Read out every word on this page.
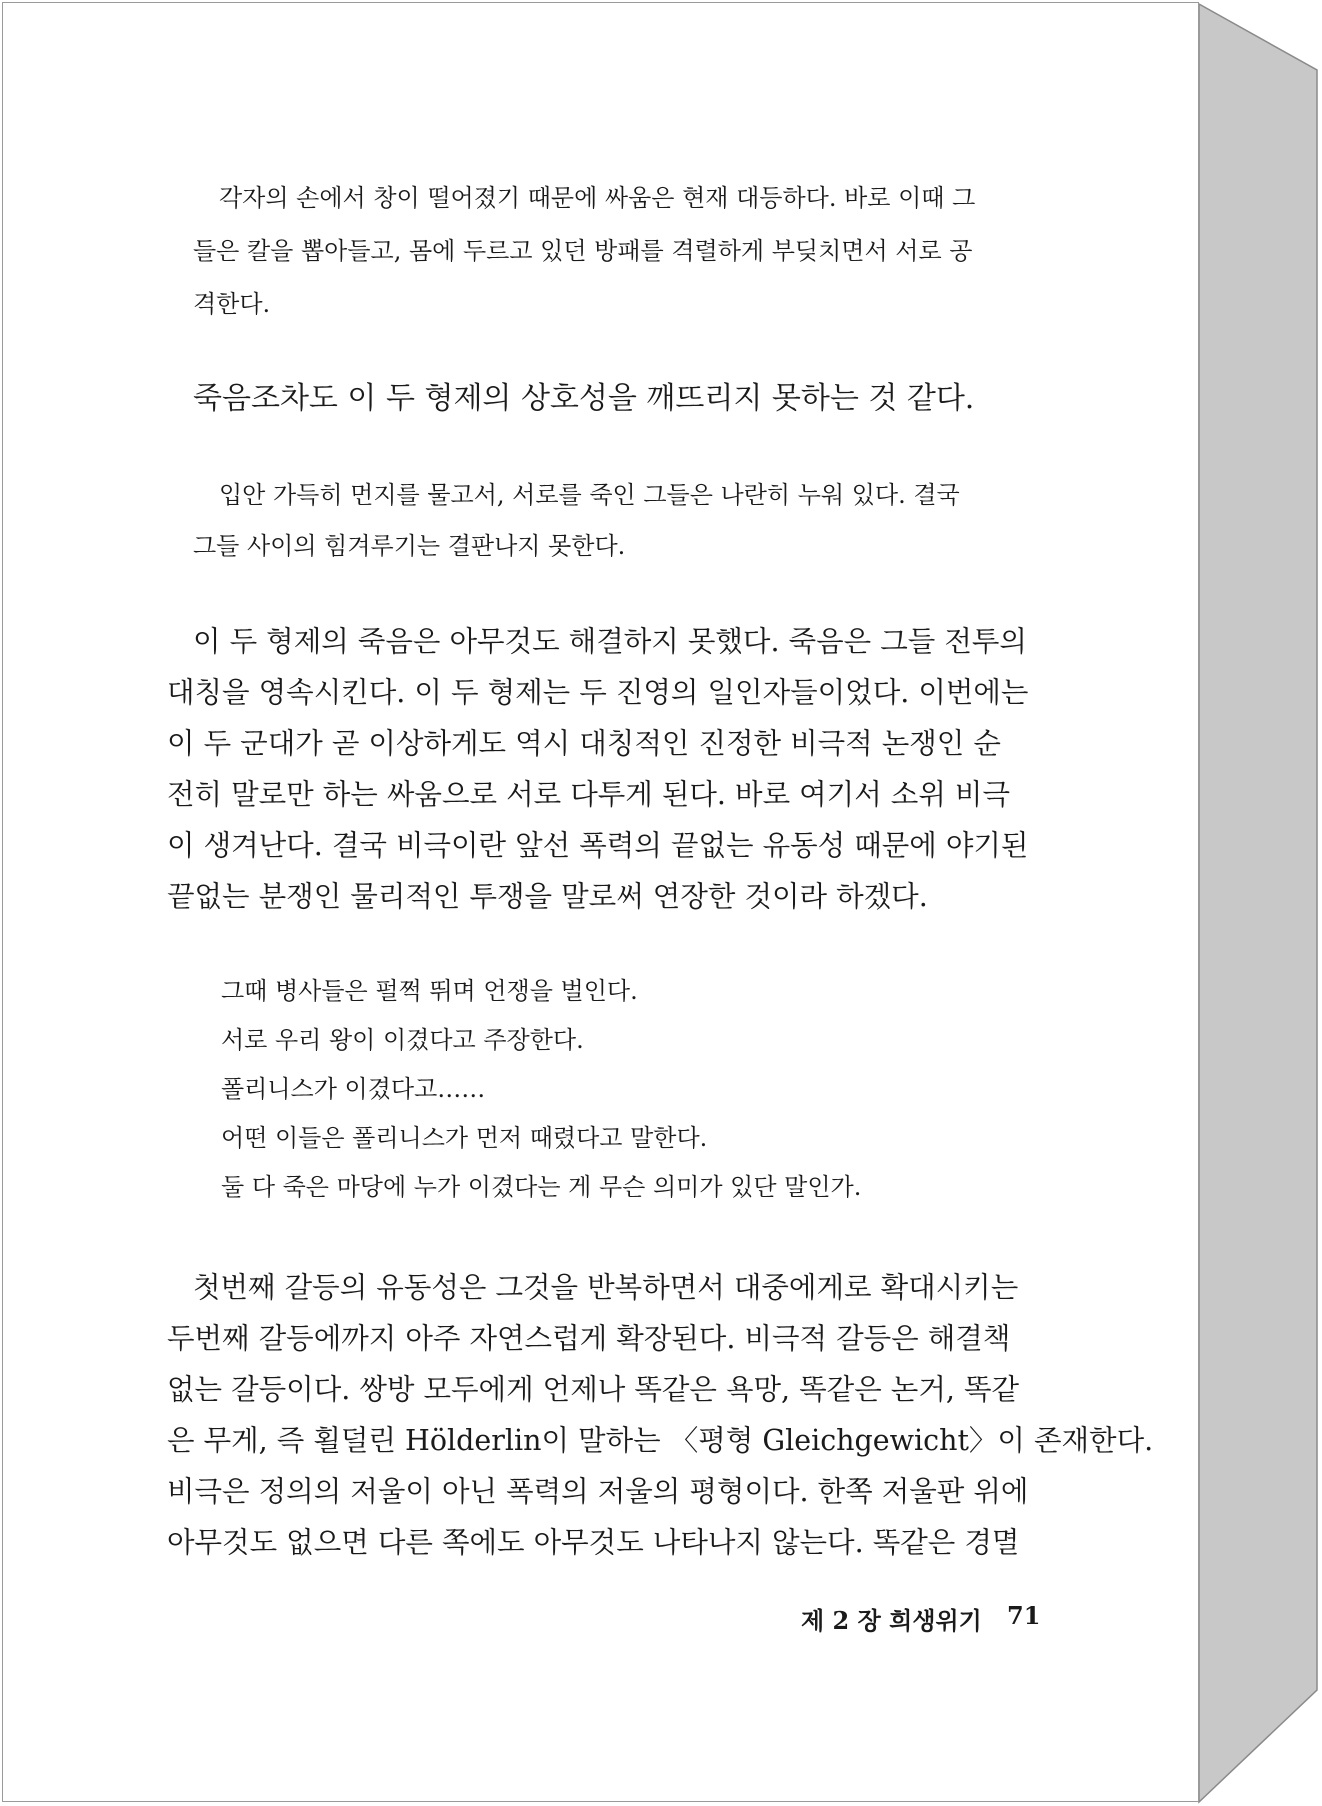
각자의 손에서 창이 떨어졌기 때문에 싸움은 현재 대등하다. 바로 이때 그
들은 칼을 뽑아들고, 몸에 두르고 있던 방패를 격렬하게 부딪치면서 서로 공
격한다.
죽음조차도 이 두 형제의 상호성을 깨뜨리지 못하는 것 같다.
입안 가득히 먼지를 물고서, 서로를 죽인 그들은 나란히 누워 있다. 결국
그들 사이의 힘겨루기는 결판나지 못한다.
이 두 형제의 죽음은 아무것도 해결하지 못했다. 죽음은 그들 전투의
대칭을 영속시킨다. 이 두 형제는 두 진영의 일인자들이었다. 이번에는
이 두 군대가 곧 이상하게도 역시 대칭적인 진정한 비극적 논쟁인 순
전히 말로만 하는 싸움으로 서로 다투게 된다. 바로 여기서 소위 비극
이 생겨난다. 결국 비극이란 앞선 폭력의 끝없는 유동성 때문에 야기된
끝없는 분쟁인 물리적인 투쟁을 말로써 연장한 것이라 하겠다.
그때 병사들은 펄쩍 뛰며 언쟁을 벌인다.
서로 우리 왕이 이겼다고 주장한다.
폴리니스가 이겼다고……
어떤 이들은 폴리니스가 먼저 때렸다고 말한다.
둘 다 죽은 마당에 누가 이겼다는 게 무슨 의미가 있단 말인가.
첫번째 갈등의 유동성은 그것을 반복하면서 대중에게로 확대시키는
두번째 갈등에까지 아주 자연스럽게 확장된다. 비극적 갈등은 해결책
없는 갈등이다. 쌍방 모두에게 언제나 똑같은 욕망, 똑같은 논거, 똑같
은 무게, 즉 횔덜린 Hölderlin이 말하는 〈평형 Gleichgewicht〉이 존재한다.
비극은 정의의 저울이 아닌 폭력의 저울의 평형이다. 한쪽 저울판 위에
아무것도 없으면 다른 쪽에도 아무것도 나타나지 않는다. 똑같은 경멸
제 2 장 희생위기 71
